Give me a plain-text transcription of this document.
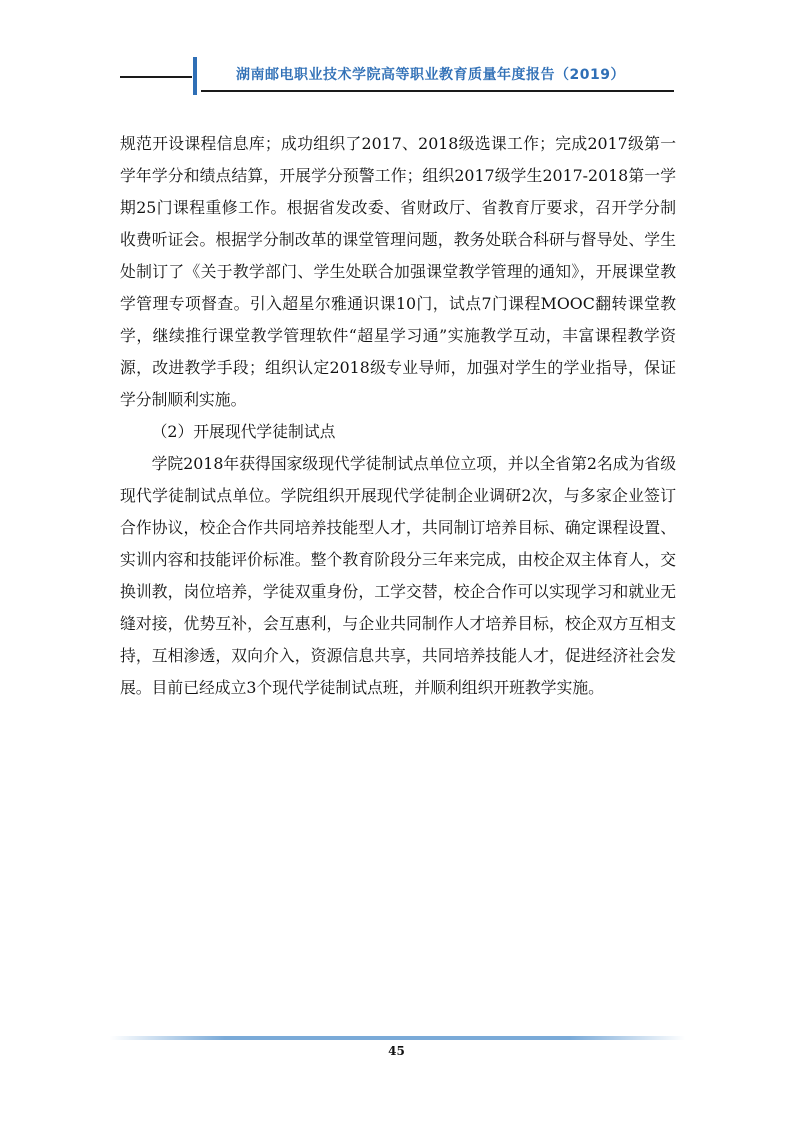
湖南邮电职业技术学院高等职业教育质量年度报告（2019）

规范开设课程信息库；成功组织了2017、2018级选课工作；完成2017级第一学年学分和绩点结算，开展学分预警工作；组织2017级学生2017-2018第一学期25门课程重修工作。根据省发改委、省财政厅、省教育厅要求，召开学分制收费听证会。根据学分制改革的课堂管理问题，教务处联合科研与督导处、学生处制订了《关于教学部门、学生处联合加强课堂教学管理的通知》，开展课堂教学管理专项督查。引入超星尔雅通识课10门，试点7门课程MOOC翻转课堂教学，继续推行课堂教学管理软件“超星学习通”实施教学互动，丰富课程教学资源，改进教学手段；组织认定2018级专业导师，加强对学生的学业指导，保证学分制顺利实施。

（2）开展现代学徒制试点

学院2018年获得国家级现代学徒制试点单位立项，并以全省第2名成为省级现代学徒制试点单位。学院组织开展现代学徒制企业调研2次，与多家企业签订合作协议，校企合作共同培养技能型人才，共同制订培养目标、确定课程设置、实训内容和技能评价标准。整个教育阶段分三年来完成，由校企双主体育人，交换训教，岗位培养，学徒双重身份，工学交替，校企合作可以实现学习和就业无缝对接，优势互补，会互惠利，与企业共同制作人才培养目标，校企双方互相支持，互相渗透，双向介入，资源信息共享，共同培养技能人才，促进经济社会发展。目前已经成立3个现代学徒制试点班，并顺利组织开班教学实施。

45
